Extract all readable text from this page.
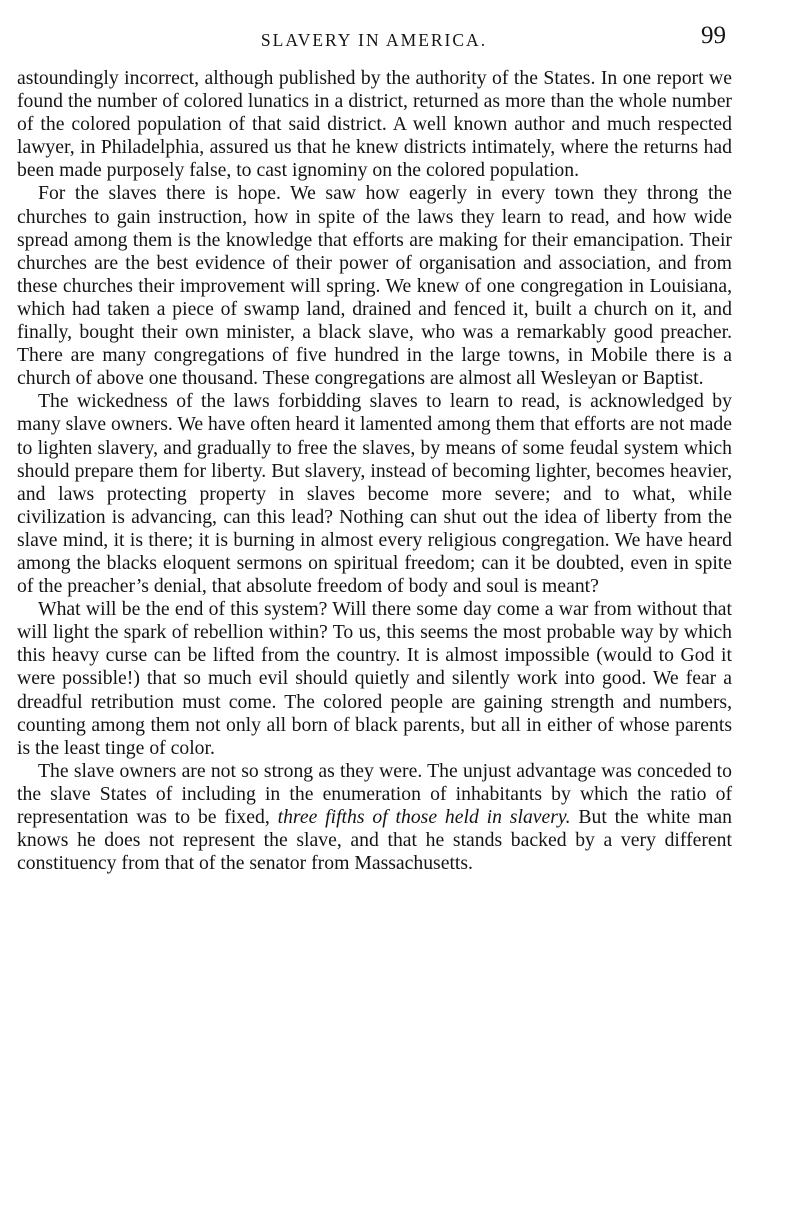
SLAVERY IN AMERICA.	99

astoundingly incorrect, although published by the authority of the States. In one report we found the number of colored lunatics in a district, returned as more than the whole number of the colored population of that said district. A well known author and much respected lawyer, in Philadelphia, assured us that he knew districts intimately, where the returns had been made purposely false, to cast ignominy on the colored population.

For the slaves there is hope. We saw how eagerly in every town they throng the churches to gain instruction, how in spite of the laws they learn to read, and how wide spread among them is the knowledge that efforts are making for their emancipation. Their churches are the best evidence of their power of organisation and association, and from these churches their improvement will spring. We knew of one congregation in Louisiana, which had taken a piece of swamp land, drained and fenced it, built a church on it, and finally, bought their own minister, a black slave, who was a remarkably good preacher. There are many congregations of five hundred in the large towns, in Mobile there is a church of above one thousand. These congregations are almost all Wesleyan or Baptist.

The wickedness of the laws forbidding slaves to learn to read, is acknowledged by many slave owners. We have often heard it lamented among them that efforts are not made to lighten slavery, and gradually to free the slaves, by means of some feudal system which should prepare them for liberty. But slavery, instead of becoming lighter, becomes heavier, and laws protecting property in slaves become more severe; and to what, while civilization is advancing, can this lead? Nothing can shut out the idea of liberty from the slave mind, it is there; it is burning in almost every religious congregation. We have heard among the blacks eloquent sermons on spiritual freedom; can it be doubted, even in spite of the preacher’s denial, that absolute freedom of body and soul is meant?

What will be the end of this system? Will there some day come a war from without that will light the spark of rebellion within? To us, this seems the most probable way by which this heavy curse can be lifted from the country. It is almost impossible (would to God it were possible!) that so much evil should quietly and silently work into good. We fear a dreadful retribution must come. The colored people are gaining strength and numbers, counting among them not only all born of black parents, but all in either of whose parents is the least tinge of color.

The slave owners are not so strong as they were. The unjust advantage was conceded to the slave States of including in the enumeration of inhabitants by which the ratio of representation was to be fixed, three fifths of those held in slavery. But the white man knows he does not represent the slave, and that he stands backed by a very different constituency from that of the senator from Massachusetts.
